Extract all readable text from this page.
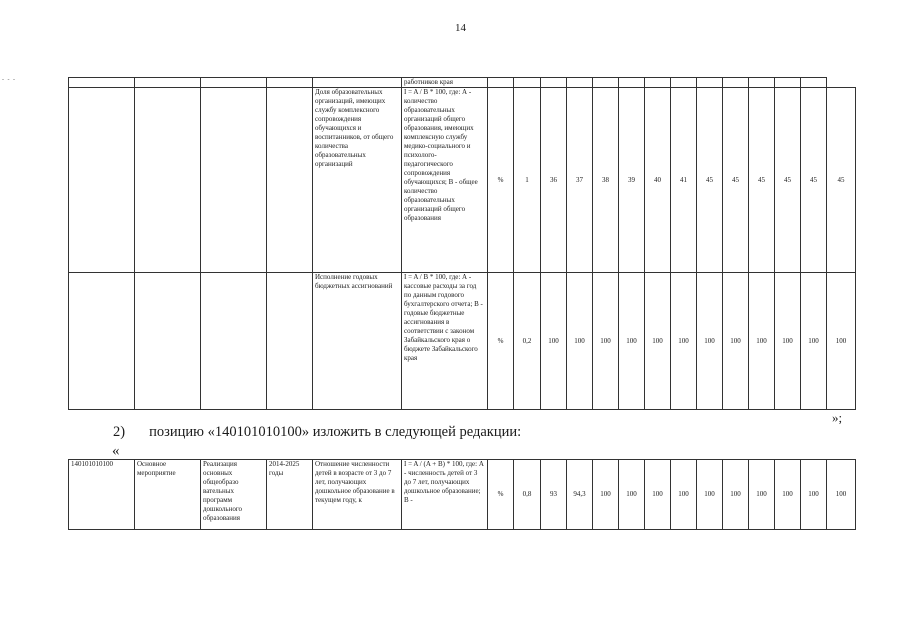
14
- - -
						работников края														
				Доля образовательных организаций, имеющих службу комплексного сопровождения обучающихся и воспитанников, от общего количества образовательных организаций	I = A / B * 100, где: А - количество образовательных организаций общего образования, имеющих комплексную службу медико-социального и психолого-педагогического сопровождения обучающихся; В - общее количество образовательных организаций общего образования	%	1	36	37	38	39	40	41	45	45	45	45	45	45
				Исполнение годовых бюджетных ассигнований	I = A / B * 100, где: А - кассовые расходы за год по данным годового бухгалтерского отчета; В - годовые бюджетные ассигнования в соответствии с законом Забайкальского края о бюджете Забайкальского края	%	0,2	100	100	100	100	100	100	100	100	100	100	100	100
»;
2) позицию «140101010100» изложить в следующей редакции:
«
140101010100	Основное мероприятие	Реализация основных общеобразо вательных программ дошкольного образования	2014-2025 годы	Отношение численности детей в возрасте от 3 до 7 лет, получающих дошкольное образование в текущем году, к	I = A / (A + B) * 100, где: А - численность детей от 3 до 7 лет, получающих дошкольное образование; В -	%	0,8	93	94,3	100	100	100	100	100	100	100	100	100	100
